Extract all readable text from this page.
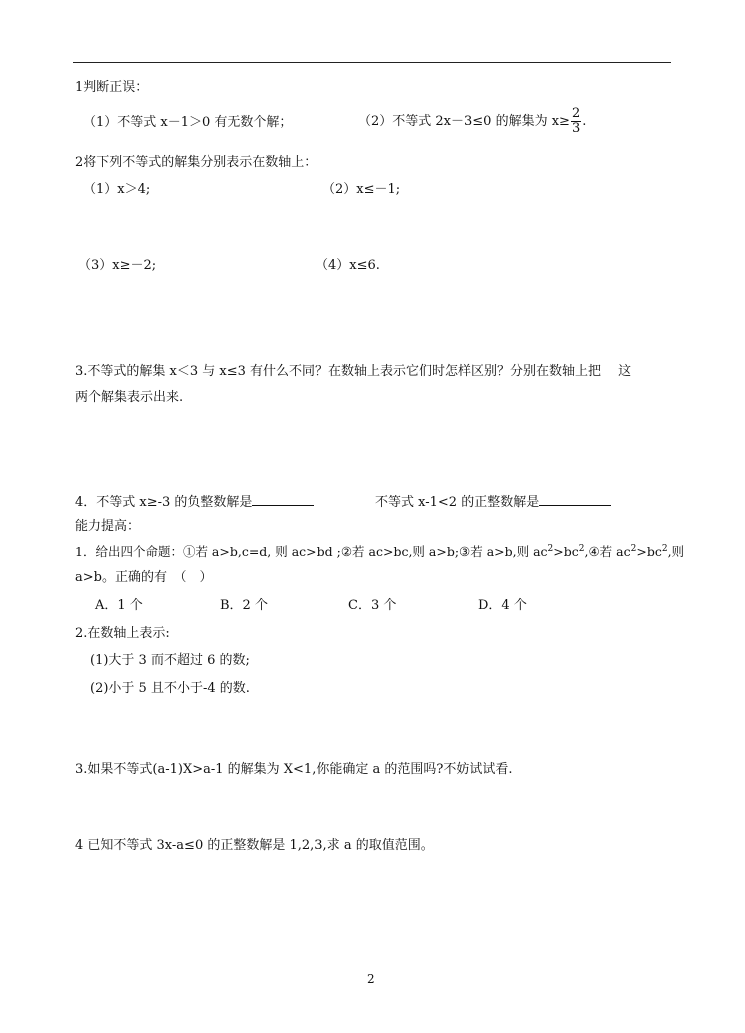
1判断正误：
（1）不等式 x－1＞0 有无数个解；	（2）不等式 2x－3≤0 的解集为 $x\ge \frac{2}{3}$ .
2将下列不等式的解集分别表示在数轴上：
（1）x＞4;	（2）x≤－1;
（3）x≥－2;	（4）x≤6.
3.不等式的解集 x＜3 与 x≤3 有什么不同？在数轴上表示它们时怎样区别？分别在数轴上把　 这
两个解集表示出来.
4．不等式 x≥-3 的负整数解是	不等式 x-1<2 的正整数解是
能力提高：
1．给出四个命题：①若 a>b,c=d, 则 ac>bd ;②若 ac>bc,则 a>b;③若 a>b,则 $ac^2>bc^2,④$若 $ac^2>bc^2$,则
a>b。正确的有　（　）
A．1 个	B．2 个	C．3 个	D．4 个
2.在数轴上表示:
(1)大于 3 而不超过 6 的数;
(2)小于 5 且不小于-4 的数.
3.如果不等式(a-1)X>a-1 的解集为 X<1,你能确定 a 的范围吗?不妨试试看.
4 已知不等式 3x-a≤0 的正整数解是 1,2,3,求 a 的取值范围。
2
